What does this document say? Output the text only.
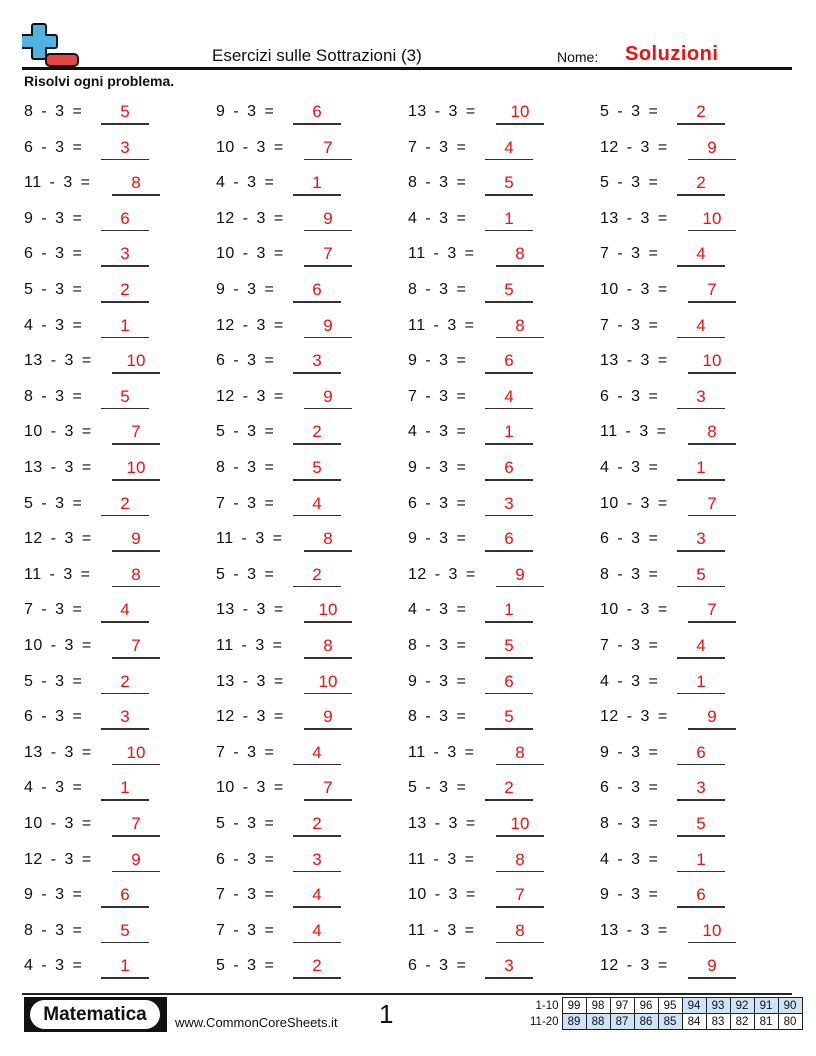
Esercizi sulle Sottrazioni (3)	Nome: Soluzioni
Risolvi ogni problema.
8 - 3 =	5
6 - 3 =	3
11 - 3 =	8
9 - 3 =	6
6 - 3 =	3
5 - 3 =	2
4 - 3 =	1
13 - 3 =	10
8 - 3 =	5
10 - 3 =	7
13 - 3 =	10
5 - 3 =	2
12 - 3 =	9
11 - 3 =	8
7 - 3 =	4
10 - 3 =	7
5 - 3 =	2
6 - 3 =	3
13 - 3 =	10
4 - 3 =	1
10 - 3 =	7
12 - 3 =	9
9 - 3 =	6
8 - 3 =	5
4 - 3 =	1
9 - 3 =	6
10 - 3 =	7
4 - 3 =	1
12 - 3 =	9
10 - 3 =	7
9 - 3 =	6
12 - 3 =	9
6 - 3 =	3
12 - 3 =	9
5 - 3 =	2
8 - 3 =	5
7 - 3 =	4
11 - 3 =	8
5 - 3 =	2
13 - 3 =	10
11 - 3 =	8
13 - 3 =	10
12 - 3 =	9
7 - 3 =	4
10 - 3 =	7
5 - 3 =	2
6 - 3 =	3
7 - 3 =	4
7 - 3 =	4
5 - 3 =	2
13 - 3 =	10
7 - 3 =	4
8 - 3 =	5
4 - 3 =	1
11 - 3 =	8
8 - 3 =	5
11 - 3 =	8
9 - 3 =	6
7 - 3 =	4
4 - 3 =	1
9 - 3 =	6
6 - 3 =	3
9 - 3 =	6
12 - 3 =	9
4 - 3 =	1
8 - 3 =	5
9 - 3 =	6
8 - 3 =	5
11 - 3 =	8
5 - 3 =	2
13 - 3 =	10
11 - 3 =	8
10 - 3 =	7
11 - 3 =	8
6 - 3 =	3
5 - 3 =	2
12 - 3 =	9
5 - 3 =	2
13 - 3 =	10
7 - 3 =	4
10 - 3 =	7
7 - 3 =	4
13 - 3 =	10
6 - 3 =	3
11 - 3 =	8
4 - 3 =	1
10 - 3 =	7
6 - 3 =	3
8 - 3 =	5
10 - 3 =	7
7 - 3 =	4
4 - 3 =	1
12 - 3 =	9
9 - 3 =	6
6 - 3 =	3
8 - 3 =	5
4 - 3 =	1
9 - 3 =	6
13 - 3 =	10
12 - 3 =	9
Matematica	www.CommonCoreSheets.it 1	1-10	99	98	97	96	95	94	93	92	91	90
11-20	89	88	87	86	85	84	83	82	81	80
